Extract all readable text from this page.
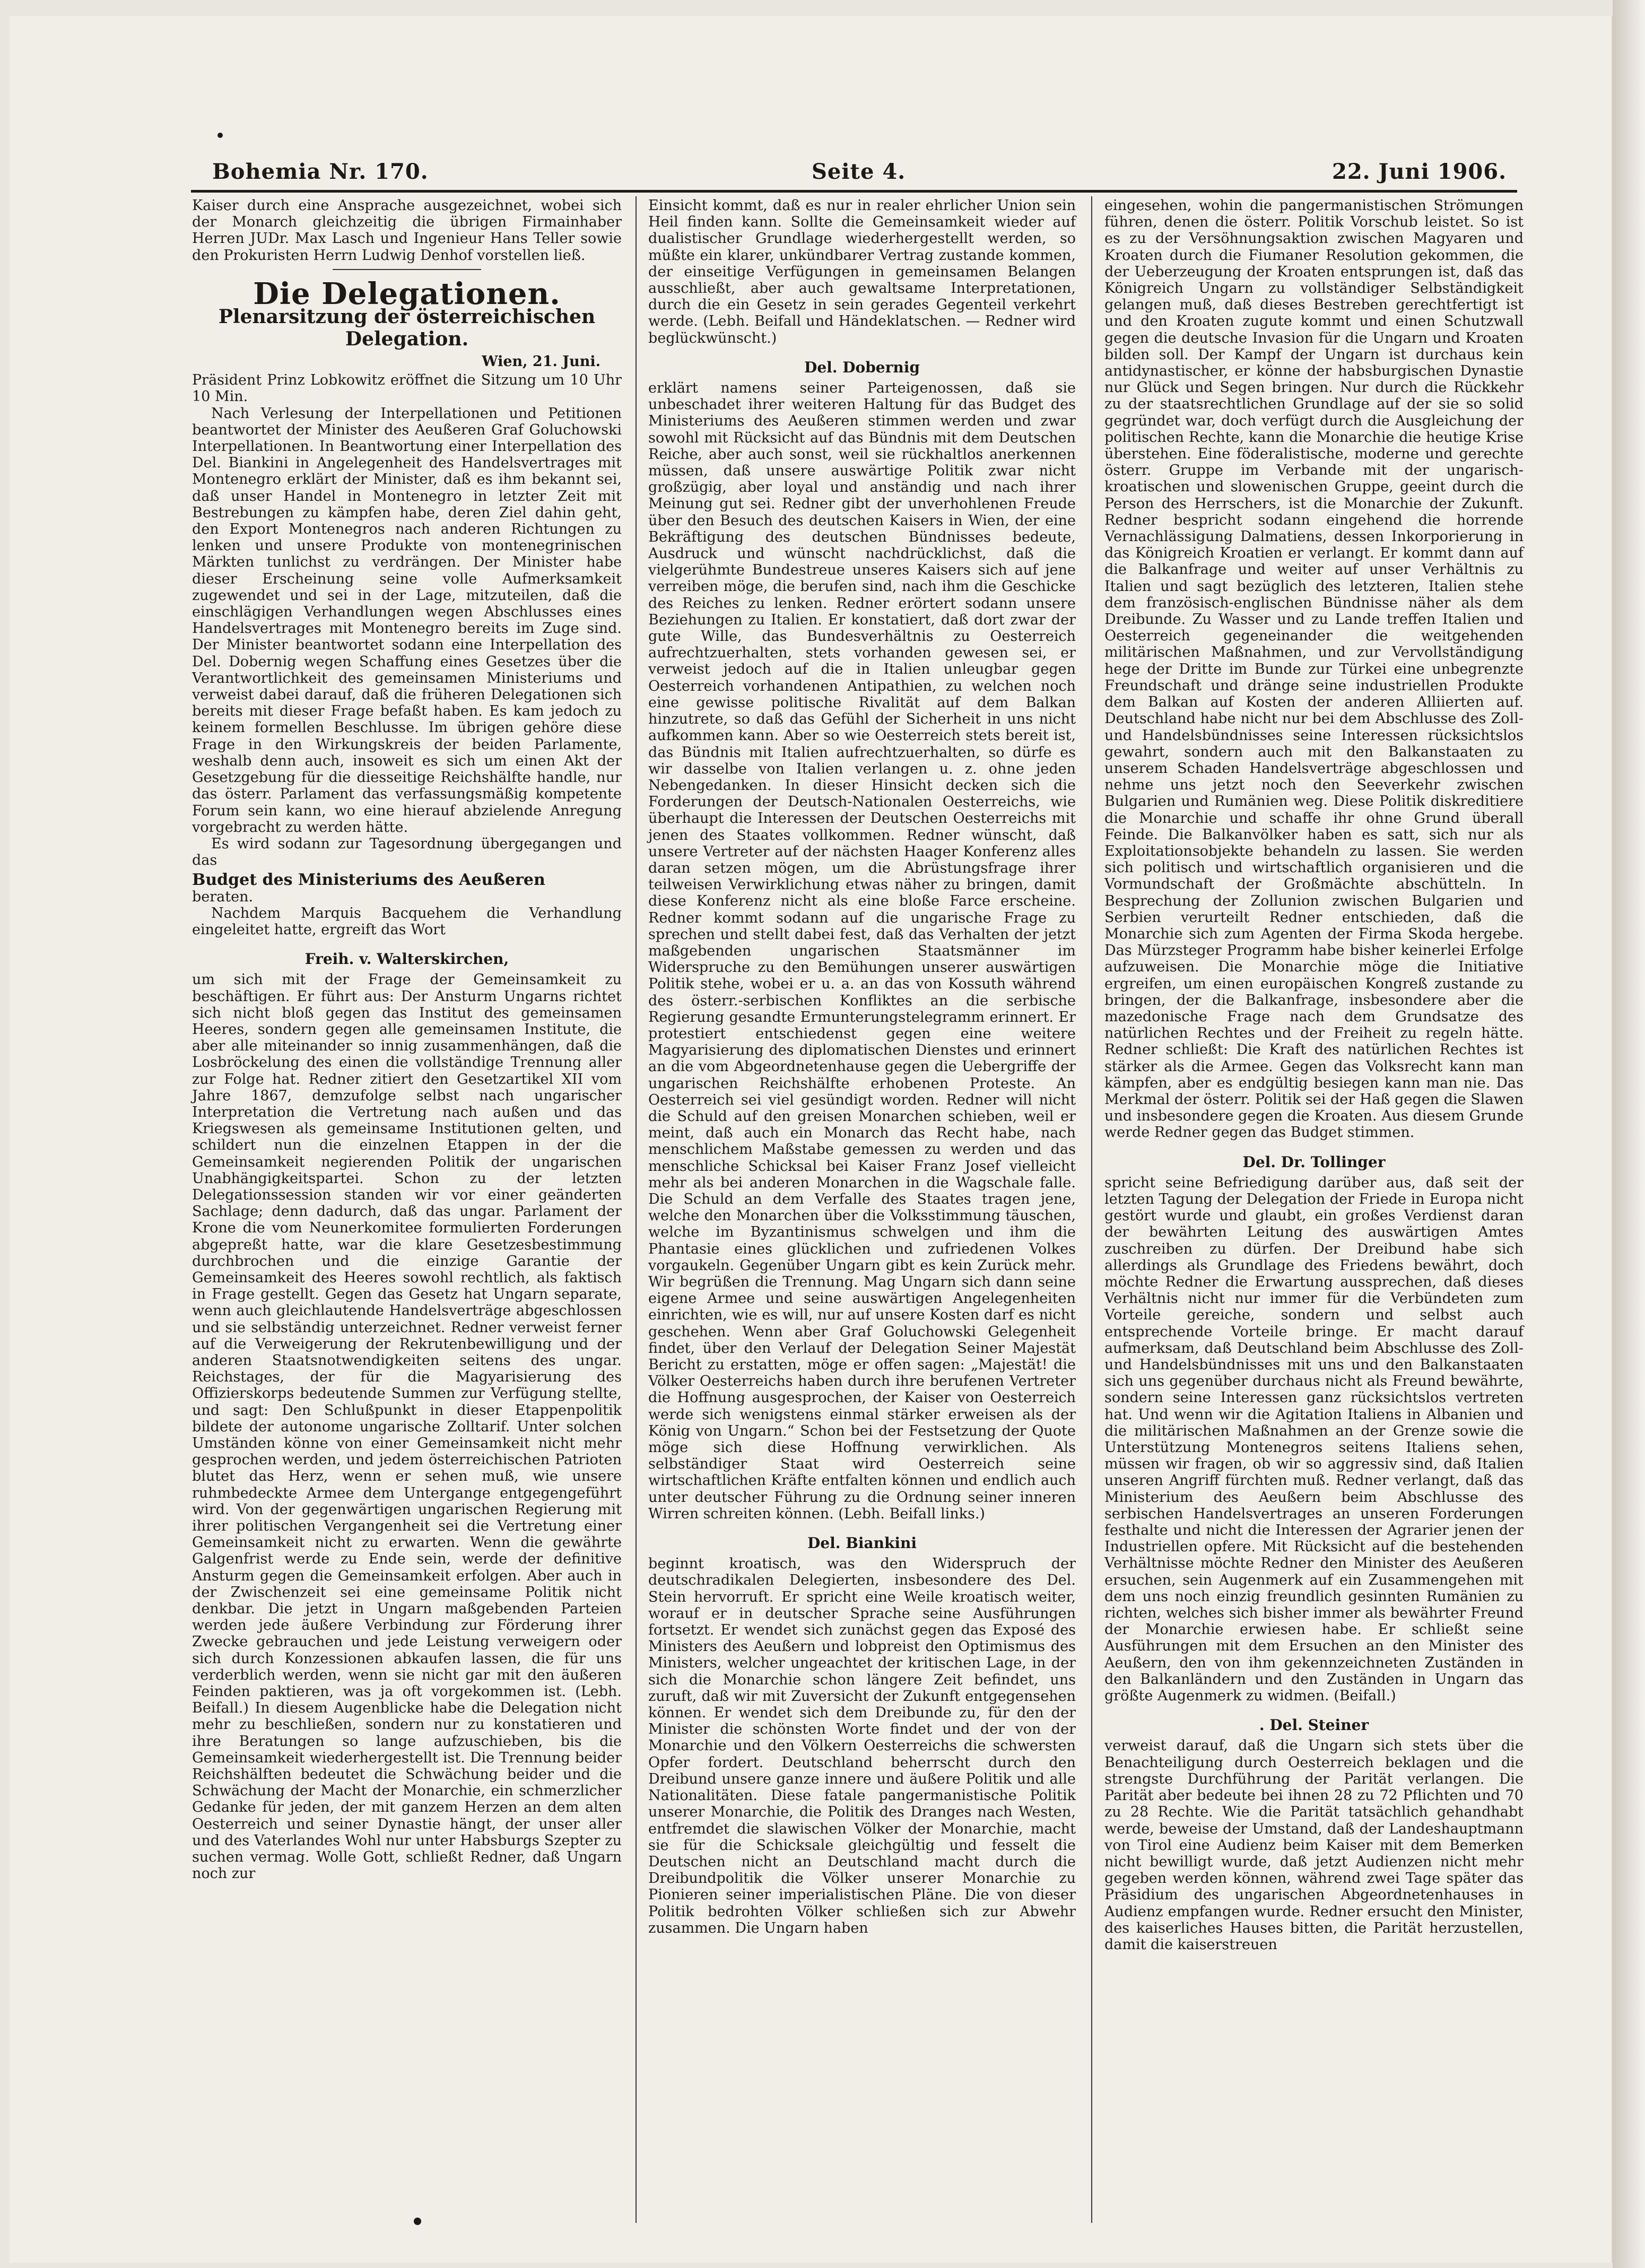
Bohemia Nr. 170.	Seite 4.	22. Juni 1906.

Kaiser durch eine Ansprache ausgezeichnet, wobei sich der Monarch gleichzeitig die übrigen Firmainhaber Herren JUDr. Max Lasch und Ingenieur Hans Teller sowie den Prokuristen Herrn Ludwig Denhof vorstellen ließ.

Die Delegationen.
Plenarsitzung der österreichischen Delegation.
Wien, 21. Juni.

Präsident Prinz Lobkowitz eröffnet die Sitzung um 10 Uhr 10 Min.

Nach Verlesung der Interpellationen und Petitionen beantwortet der Minister des Aeußeren Graf Goluchowski Interpellationen. In Beantwortung einer Interpellation des Del. Biankini in Angelegenheit des Handelsvertrages mit Montenegro erklärt der Minister, daß es ihm bekannt sei, daß unser Handel in Montenegro in letzter Zeit mit Bestrebungen zu kämpfen habe, deren Ziel dahin geht, den Export Montenegros nach anderen Richtungen zu lenken und unsere Produkte von montenegrinischen Märkten tunlichst zu verdrängen. Der Minister habe dieser Erscheinung seine volle Aufmerksamkeit zugewendet und sei in der Lage, mitzuteilen, daß die einschlägigen Verhandlungen wegen Abschlusses eines Handelsvertrages mit Montenegro bereits im Zuge sind. Der Minister beantwortet sodann eine Interpellation des Del. Dobernig wegen Schaffung eines Gesetzes über die Verantwortlichkeit des gemeinsamen Ministeriums und verweist dabei darauf, daß die früheren Delegationen sich bereits mit dieser Frage befaßt haben. Es kam jedoch zu keinem formellen Beschlusse. Im übrigen gehöre diese Frage in den Wirkungskreis der beiden Parlamente, weshalb denn auch, insoweit es sich um einen Akt der Gesetzgebung für die diesseitige Reichshälfte handle, nur das österr. Parlament das verfassungsmäßig kompetente Forum sein kann, wo eine hierauf abzielende Anregung vorgebracht zu werden hätte.

Es wird sodann zur Tagesordnung übergegangen und das

Budget des Ministeriums des Aeußeren

beraten.

Nachdem Marquis Bacquehem die Verhandlung eingeleitet hatte, ergreift das Wort

Freih. v. Walterskirchen,

um sich mit der Frage der Gemeinsamkeit zu beschäftigen. Er führt aus: Der Ansturm Ungarns richtet sich nicht bloß gegen das Institut des gemeinsamen Heeres, sondern gegen alle gemeinsamen Institute, die aber alle miteinander so innig zusammenhängen, daß die Losbröckelung des einen die vollständige Trennung aller zur Folge hat. Redner zitiert den Gesetzartikel XII vom Jahre 1867, demzufolge selbst nach ungarischer Interpretation die Vertretung nach außen und das Kriegswesen als gemeinsame Institutionen gelten, und schildert nun die einzelnen Etappen in der die Gemeinsamkeit negierenden Politik der ungarischen Unabhängigkeitspartei. Schon zu der letzten Delegationssession standen wir vor einer geänderten Sachlage; denn dadurch, daß das ungar. Parlament der Krone die vom Neunerkomitee formulierten Forderungen abgepreßt hatte, war die klare Gesetzesbestimmung durchbrochen und die einzige Garantie der Gemeinsamkeit des Heeres sowohl rechtlich, als faktisch in Frage gestellt. Gegen das Gesetz hat Ungarn separate, wenn auch gleichlautende Handelsverträge abgeschlossen und sie selbständig unterzeichnet. Redner verweist ferner auf die Verweigerung der Rekrutenbewilligung und der anderen Staatsnotwendigkeiten seitens des ungar. Reichstages, der für die Magyarisierung des Offizierskorps bedeutende Summen zur Verfügung stellte, und sagt: Den Schlußpunkt in dieser Etappenpolitik bildete der autonome ungarische Zolltarif. Unter solchen Umständen könne von einer Gemeinsamkeit nicht mehr gesprochen werden, und jedem österreichischen Patrioten blutet das Herz, wenn er sehen muß, wie unsere ruhmbedeckte Armee dem Untergange entgegengeführt wird. Von der gegenwärtigen ungarischen Regierung mit ihrer politischen Vergangenheit sei die Vertretung einer Gemeinsamkeit nicht zu erwarten. Wenn die gewährte Galgenfrist werde zu Ende sein, werde der definitive Ansturm gegen die Gemeinsamkeit erfolgen. Aber auch in der Zwischenzeit sei eine gemeinsame Politik nicht denkbar. Die jetzt in Ungarn maßgebenden Parteien werden jede äußere Verbindung zur Förderung ihrer Zwecke gebrauchen und jede Leistung verweigern oder sich durch Konzessionen abkaufen lassen, die für uns verderblich werden, wenn sie nicht gar mit den äußeren Feinden paktieren, was ja oft vorgekommen ist. (Lebh. Beifall.) In diesem Augenblicke habe die Delegation nicht mehr zu beschließen, sondern nur zu konstatieren und ihre Beratungen so lange aufzuschieben, bis die Gemeinsamkeit wiederhergestellt ist. Die Trennung beider Reichshälften bedeutet die Schwächung beider und die Schwächung der Macht der Monarchie, ein schmerzlicher Gedanke für jeden, der mit ganzem Herzen an dem alten Oesterreich und seiner Dynastie hängt, der unser aller und des Vaterlandes Wohl nur unter Habsburgs Szepter zu suchen vermag. Wolle Gott, schließt Redner, daß Ungarn noch zur

Einsicht kommt, daß es nur in realer ehrlicher Union sein Heil finden kann. Sollte die Gemeinsamkeit wieder auf dualistischer Grundlage wiederhergestellt werden, so müßte ein klarer, unkündbarer Vertrag zustande kommen, der einseitige Verfügungen in gemeinsamen Belangen ausschließt, aber auch gewaltsame Interpretationen, durch die ein Gesetz in sein gerades Gegenteil verkehrt werde. (Lebh. Beifall und Händeklatschen. — Redner wird beglückwünscht.)

Del. Dobernig

erklärt namens seiner Parteigenossen, daß sie unbeschadet ihrer weiteren Haltung für das Budget des Ministeriums des Aeußeren stimmen werden und zwar sowohl mit Rücksicht auf das Bündnis mit dem Deutschen Reiche, aber auch sonst, weil sie rückhaltlos anerkennen müssen, daß unsere auswärtige Politik zwar nicht großzügig, aber loyal und anständig und nach ihrer Meinung gut sei. Redner gibt der unverhohlenen Freude über den Besuch des deutschen Kaisers in Wien, der eine Bekräftigung des deutschen Bündnisses bedeute, Ausdruck und wünscht nachdrücklichst, daß die vielgerühmte Bundestreue unseres Kaisers sich auf jene verreiben möge, die berufen sind, nach ihm die Geschicke des Reiches zu lenken. Redner erörtert sodann unsere Beziehungen zu Italien. Er konstatiert, daß dort zwar der gute Wille, das Bundesverhältnis zu Oesterreich aufrechtzuerhalten, stets vorhanden gewesen sei, er verweist jedoch auf die in Italien unleugbar gegen Oesterreich vorhandenen Antipathien, zu welchen noch eine gewisse politische Rivalität auf dem Balkan hinzutrete, so daß das Gefühl der Sicherheit in uns nicht aufkommen kann. Aber so wie Oesterreich stets bereit ist, das Bündnis mit Italien aufrechtzuerhalten, so dürfe es wir dasselbe von Italien verlangen u. z. ohne jeden Nebengedanken. In dieser Hinsicht decken sich die Forderungen der Deutsch-Nationalen Oesterreichs, wie überhaupt die Interessen der Deutschen Oesterreichs mit jenen des Staates vollkommen. Redner wünscht, daß unsere Vertreter auf der nächsten Haager Konferenz alles daran setzen mögen, um die Abrüstungsfrage ihrer teilweisen Verwirklichung etwas näher zu bringen, damit diese Konferenz nicht als eine bloße Farce erscheine. Redner kommt sodann auf die ungarische Frage zu sprechen und stellt dabei fest, daß das Verhalten der jetzt maßgebenden ungarischen Staatsmänner im Widerspruche zu den Bemühungen unserer auswärtigen Politik stehe, wobei er u. a. an das von Kossuth während des österr.-serbischen Konfliktes an die serbische Regierung gesandte Ermunterungstelegramm erinnert. Er protestiert entschiedenst gegen eine weitere Magyarisierung des diplomatischen Dienstes und erinnert an die vom Abgeordnetenhause gegen die Uebergriffe der ungarischen Reichshälfte erhobenen Proteste. An Oesterreich sei viel gesündigt worden. Redner will nicht die Schuld auf den greisen Monarchen schieben, weil er meint, daß auch ein Monarch das Recht habe, nach menschlichem Maßstabe gemessen zu werden und das menschliche Schicksal bei Kaiser Franz Josef vielleicht mehr als bei anderen Monarchen in die Wagschale falle. Die Schuld an dem Verfalle des Staates tragen jene, welche den Monarchen über die Volksstimmung täuschen, welche im Byzantinismus schwelgen und ihm die Phantasie eines glücklichen und zufriedenen Volkes vorgaukeln. Gegenüber Ungarn gibt es kein Zurück mehr. Wir begrüßen die Trennung. Mag Ungarn sich dann seine eigene Armee und seine auswärtigen Angelegenheiten einrichten, wie es will, nur auf unsere Kosten darf es nicht geschehen. Wenn aber Graf Goluchowski Gelegenheit findet, über den Verlauf der Delegation Seiner Majestät Bericht zu erstatten, möge er offen sagen: „Majestät! die Völker Oesterreichs haben durch ihre berufenen Vertreter die Hoffnung ausgesprochen, der Kaiser von Oesterreich werde sich wenigstens einmal stärker erweisen als der König von Ungarn.“ Schon bei der Festsetzung der Quote möge sich diese Hoffnung verwirklichen. Als selbständiger Staat wird Oesterreich seine wirtschaftlichen Kräfte entfalten können und endlich auch unter deutscher Führung zu die Ordnung seiner inneren Wirren schreiten können. (Lebh. Beifall links.)

Del. Biankini

beginnt kroatisch, was den Widerspruch der deutschradikalen Delegierten, insbesondere des Del. Stein hervorruft. Er spricht eine Weile kroatisch weiter, worauf er in deutscher Sprache seine Ausführungen fortsetzt. Er wendet sich zunächst gegen das Exposé des Ministers des Aeußern und lobpreist den Optimismus des Ministers, welcher ungeachtet der kritischen Lage, in der sich die Monarchie schon längere Zeit befindet, uns zuruft, daß wir mit Zuversicht der Zukunft entgegensehen können. Er wendet sich dem Dreibunde zu, für den der Minister die schönsten Worte findet und der von der Monarchie und den Völkern Oesterreichs die schwersten Opfer fordert. Deutschland beherrscht durch den Dreibund unsere ganze innere und äußere Politik und alle Nationalitäten. Diese fatale pangermanistische Politik unserer Monarchie, die Politik des Dranges nach Westen, entfremdet die slawischen Völker der Monarchie, macht sie für die Schicksale gleichgültig und fesselt die Deutschen nicht an Deutschland macht durch die Dreibundpolitik die Völker unserer Monarchie zu Pionieren seiner imperialistischen Pläne. Die von dieser Politik bedrohten Völker schließen sich zur Abwehr zusammen. Die Ungarn haben

eingesehen, wohin die pangermanistischen Strömungen führen, denen die österr. Politik Vorschub leistet. So ist es zu der Versöhnungsaktion zwischen Magyaren und Kroaten durch die Fiumaner Resolution gekommen, die der Ueberzeugung der Kroaten entsprungen ist, daß das Königreich Ungarn zu vollständiger Selbständigkeit gelangen muß, daß dieses Bestreben gerechtfertigt ist und den Kroaten zugute kommt und einen Schutzwall gegen die deutsche Invasion für die Ungarn und Kroaten bilden soll. Der Kampf der Ungarn ist durchaus kein antidynastischer, er könne der habsburgischen Dynastie nur Glück und Segen bringen. Nur durch die Rückkehr zu der staatsrechtlichen Grundlage auf der sie so solid gegründet war, doch verfügt durch die Ausgleichung der politischen Rechte, kann die Monarchie die heutige Krise überstehen. Eine föderalistische, moderne und gerechte österr. Gruppe im Verbande mit der ungarisch-kroatischen und slowenischen Gruppe, geeint durch die Person des Herrschers, ist die Monarchie der Zukunft. Redner bespricht sodann eingehend die horrende Vernachlässigung Dalmatiens, dessen Inkorporierung in das Königreich Kroatien er verlangt. Er kommt dann auf die Balkanfrage und weiter auf unser Verhältnis zu Italien und sagt bezüglich des letzteren, Italien stehe dem französisch-englischen Bündnisse näher als dem Dreibunde. Zu Wasser und zu Lande treffen Italien und Oesterreich gegeneinander die weitgehenden militärischen Maßnahmen, und zur Vervollständigung hege der Dritte im Bunde zur Türkei eine unbegrenzte Freundschaft und dränge seine industriellen Produkte dem Balkan auf Kosten der anderen Alliierten auf. Deutschland habe nicht nur bei dem Abschlusse des Zoll- und Handelsbündnisses seine Interessen rücksichtslos gewahrt, sondern auch mit den Balkanstaaten zu unserem Schaden Handelsverträge abgeschlossen und nehme uns jetzt noch den Seeverkehr zwischen Bulgarien und Rumänien weg. Diese Politik diskreditiere die Monarchie und schaffe ihr ohne Grund überall Feinde. Die Balkanvölker haben es satt, sich nur als Exploitationsobjekte behandeln zu lassen. Sie werden sich politisch und wirtschaftlich organisieren und die Vormundschaft der Großmächte abschütteln. In Besprechung der Zollunion zwischen Bulgarien und Serbien verurteilt Redner entschieden, daß die Monarchie sich zum Agenten der Firma Skoda hergebe. Das Mürzsteger Programm habe bisher keinerlei Erfolge aufzuweisen. Die Monarchie möge die Initiative ergreifen, um einen europäischen Kongreß zustande zu bringen, der die Balkanfrage, insbesondere aber die mazedonische Frage nach dem Grundsatze des natürlichen Rechtes und der Freiheit zu regeln hätte. Redner schließt: Die Kraft des natürlichen Rechtes ist stärker als die Armee. Gegen das Volksrecht kann man kämpfen, aber es endgültig besiegen kann man nie. Das Merkmal der österr. Politik sei der Haß gegen die Slawen und insbesondere gegen die Kroaten. Aus diesem Grunde werde Redner gegen das Budget stimmen.

Del. Dr. Tollinger

spricht seine Befriedigung darüber aus, daß seit der letzten Tagung der Delegation der Friede in Europa nicht gestört wurde und glaubt, ein großes Verdienst daran der bewährten Leitung des auswärtigen Amtes zuschreiben zu dürfen. Der Dreibund habe sich allerdings als Grundlage des Friedens bewährt, doch möchte Redner die Erwartung aussprechen, daß dieses Verhältnis nicht nur immer für die Verbündeten zum Vorteile gereiche, sondern und selbst auch entsprechende Vorteile bringe. Er macht darauf aufmerksam, daß Deutschland beim Abschlusse des Zoll- und Handelsbündnisses mit uns und den Balkanstaaten sich uns gegenüber durchaus nicht als Freund bewährte, sondern seine Interessen ganz rücksichtslos vertreten hat. Und wenn wir die Agitation Italiens in Albanien und die militärischen Maßnahmen an der Grenze sowie die Unterstützung Montenegros seitens Italiens sehen, müssen wir fragen, ob wir so aggressiv sind, daß Italien unseren Angriff fürchten muß. Redner verlangt, daß das Ministerium des Aeußern beim Abschlusse des serbischen Handelsvertrages an unseren Forderungen festhalte und nicht die Interessen der Agrarier jenen der Industriellen opfere. Mit Rücksicht auf die bestehenden Verhältnisse möchte Redner den Minister des Aeußeren ersuchen, sein Augenmerk auf ein Zusammengehen mit dem uns noch einzig freundlich gesinnten Rumänien zu richten, welches sich bisher immer als bewährter Freund der Monarchie erwiesen habe. Er schließt seine Ausführungen mit dem Ersuchen an den Minister des Aeußern, den von ihm gekennzeichneten Zuständen in den Balkanländern und den Zuständen in Ungarn das größte Augenmerk zu widmen. (Beifall.)

. Del. Steiner

verweist darauf, daß die Ungarn sich stets über die Benachteiligung durch Oesterreich beklagen und die strengste Durchführung der Parität verlangen. Die Parität aber bedeute bei ihnen 28 zu 72 Pflichten und 70 zu 28 Rechte. Wie die Parität tatsächlich gehandhabt werde, beweise der Umstand, daß der Landeshauptmann von Tirol eine Audienz beim Kaiser mit dem Bemerken nicht bewilligt wurde, daß jetzt Audienzen nicht mehr gegeben werden können, während zwei Tage später das Präsidium des ungarischen Abgeordnetenhauses in Audienz empfangen wurde. Redner ersucht den Minister, des kaiserliches Hauses bitten, die Parität herzustellen, damit die kaiserstreuen
